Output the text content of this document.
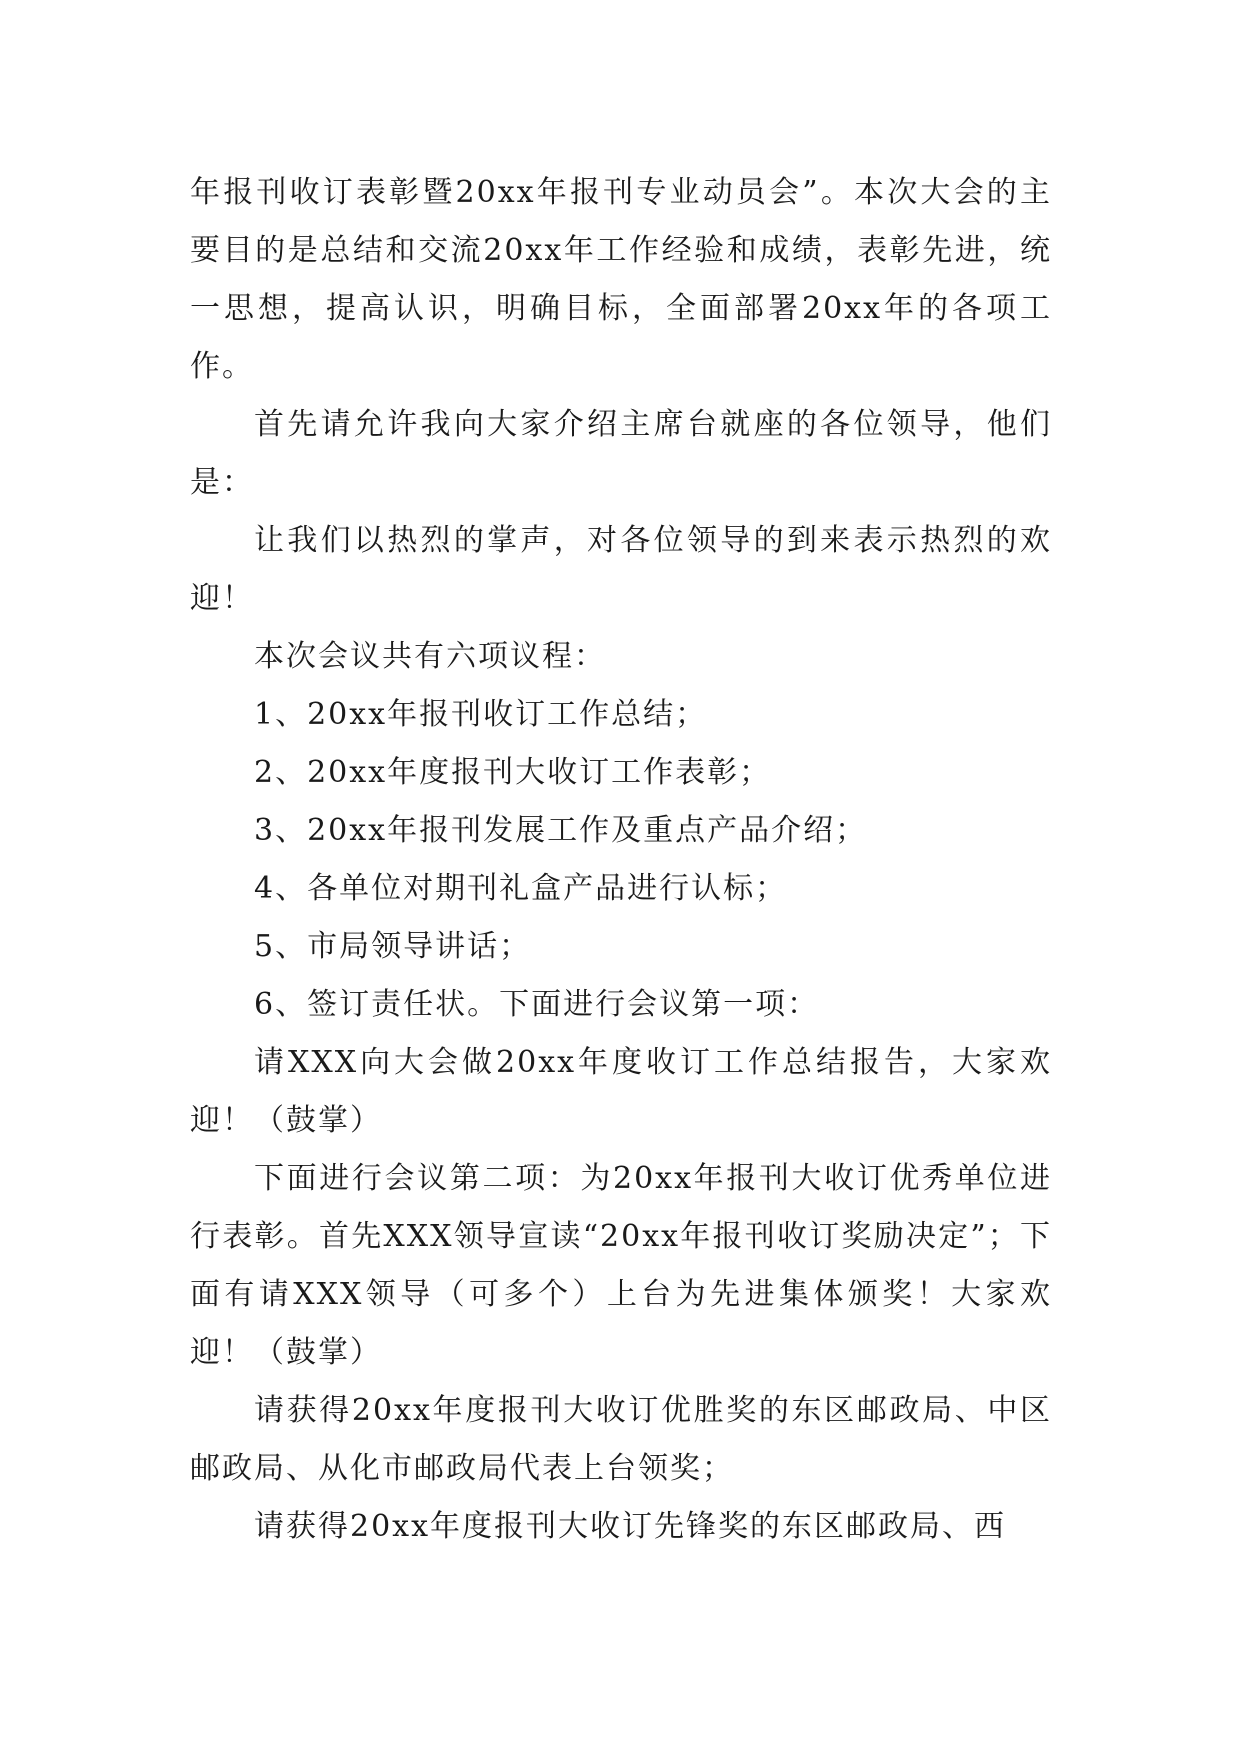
年报刊收订表彰暨20xx年报刊专业动员会”。本次大会的主要目的是总结和交流20xx年工作经验和成绩，表彰先进，统一思想，提高认识，明确目标，全面部署20xx年的各项工作。

首先请允许我向大家介绍主席台就座的各位领导，他们是：

让我们以热烈的掌声，对各位领导的到来表示热烈的欢迎！

本次会议共有六项议程：

1、20xx年报刊收订工作总结；

2、20xx年度报刊大收订工作表彰；

3、20xx年报刊发展工作及重点产品介绍；

4、各单位对期刊礼盒产品进行认标；

5、市局领导讲话；

6、签订责任状。下面进行会议第一项：

请XXX向大会做20xx年度收订工作总结报告，大家欢迎！（鼓掌）

下面进行会议第二项：为20xx年报刊大收订优秀单位进行表彰。首先XXX领导宣读“20xx年报刊收订奖励决定”；下面有请XXX领导（可多个）上台为先进集体颁奖！大家欢迎！（鼓掌）

请获得20xx年度报刊大收订优胜奖的东区邮政局、中区邮政局、从化市邮政局代表上台领奖；

请获得20xx年度报刊大收订先锋奖的东区邮政局、西
